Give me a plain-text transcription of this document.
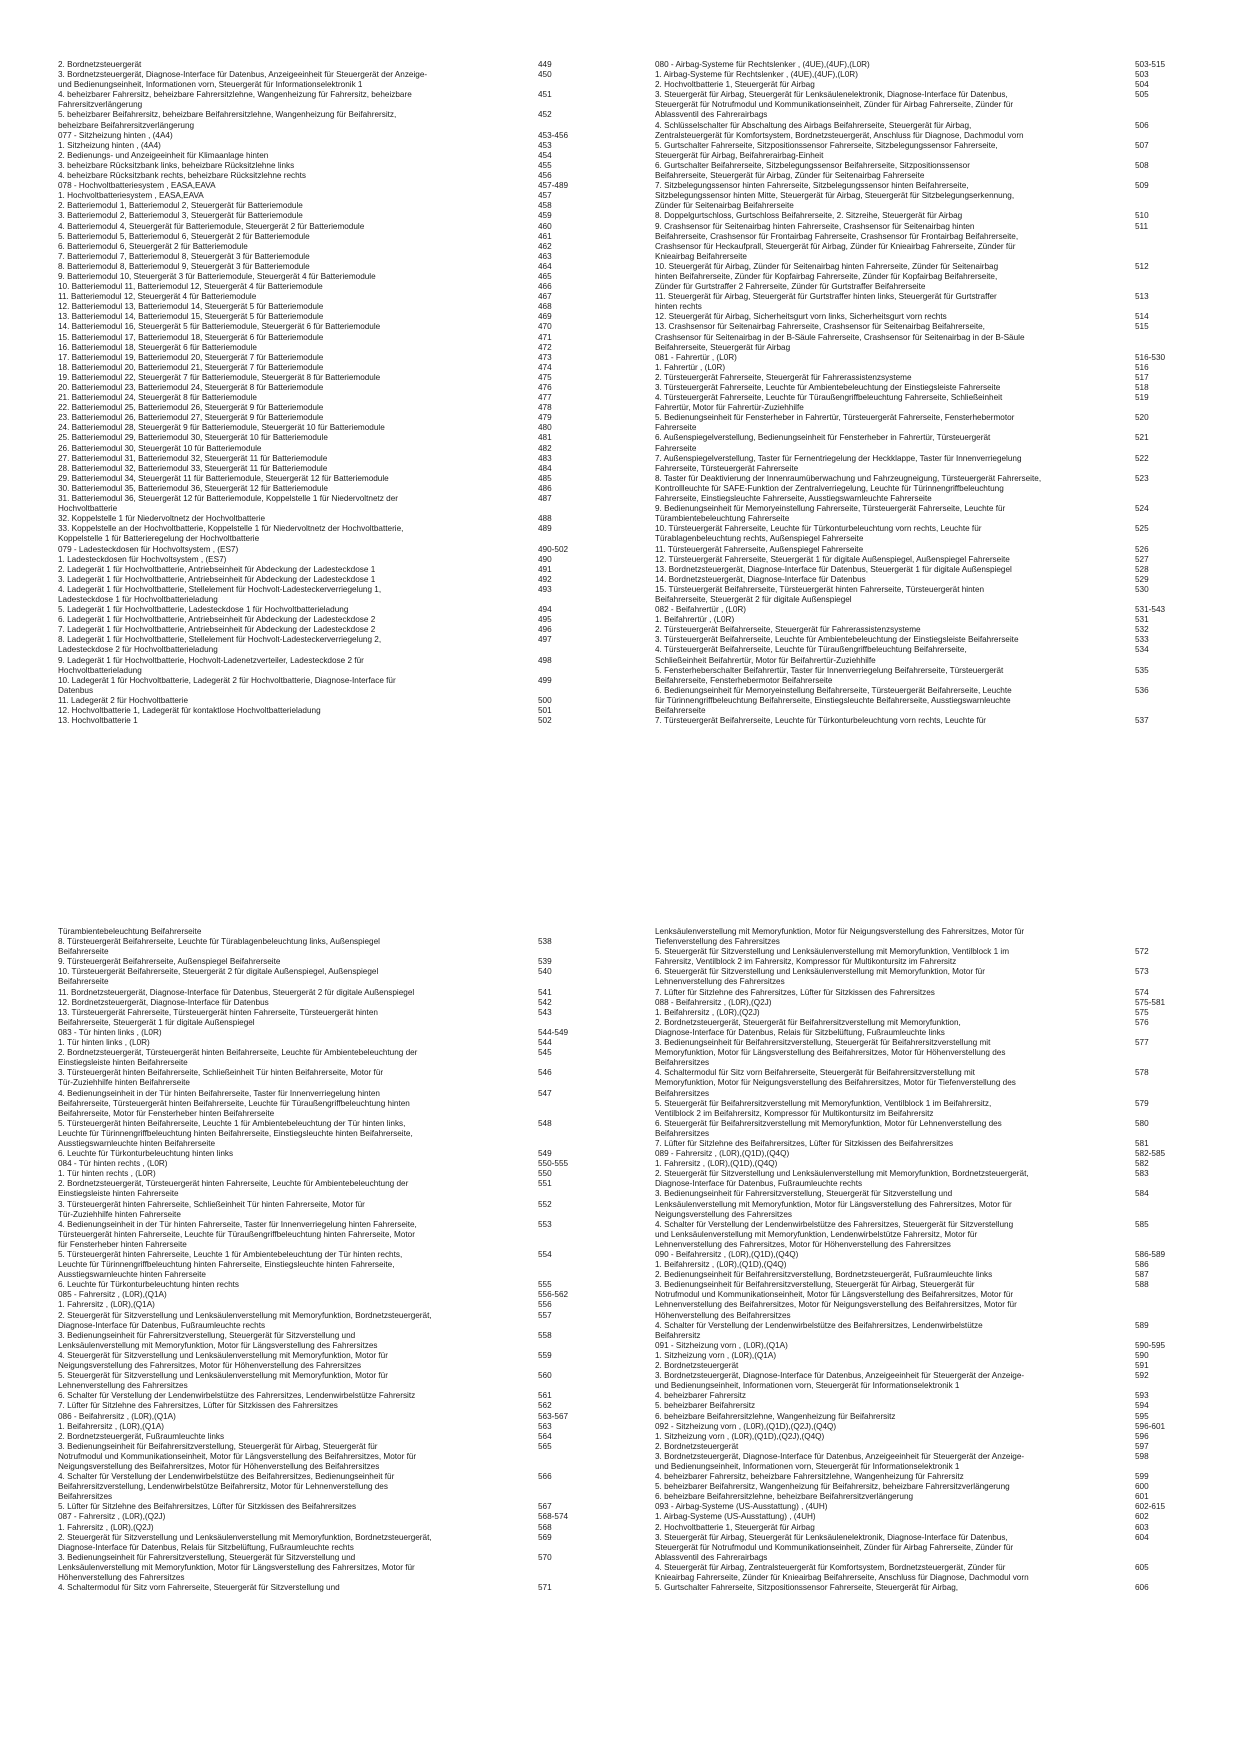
2. Bordnetzsteuergerät	449
3. Bordnetzsteuergerät, Diagnose-Interface für Datenbus, Anzeigeeinheit für Steuergerät der Anzeige-	450
und Bedienungseinheit, Informationen vorn, Steuergerät für Informationselektronik 1
4. beheizbarer Fahrersitz, beheizbare Fahrersitzlehne, Wangenheizung für Fahrersitz, beheizbare	451
Fahrersitzverlängerung
5. beheizbarer Beifahrersitz, beheizbare Beifahrersitzlehne, Wangenheizung für Beifahrersitz,	452
beheizbare Beifahrersitzverlängerung
077 - Sitzheizung hinten , (4A4)	453-456
1. Sitzheizung hinten , (4A4)	453
2. Bedienungs- und Anzeigeeinheit für Klimaanlage hinten	454
3. beheizbare Rücksitzbank links, beheizbare Rücksitzlehne links	455
4. beheizbare Rücksitzbank rechts, beheizbare Rücksitzlehne rechts	456
078 - Hochvoltbatteriesystem , EASA,EAVA	457-489
1. Hochvoltbatteriesystem , EASA,EAVA	457
2. Batteriemodul 1, Batteriemodul 2, Steuergerät für Batteriemodule	458
3. Batteriemodul 2, Batteriemodul 3, Steuergerät für Batteriemodule	459
4. Batteriemodul 4, Steuergerät für Batteriemodule, Steuergerät 2 für Batteriemodule	460
5. Batteriemodul 5, Batteriemodul 6, Steuergerät 2 für Batteriemodule	461
6. Batteriemodul 6, Steuergerät 2 für Batteriemodule	462
7. Batteriemodul 7, Batteriemodul 8, Steuergerät 3 für Batteriemodule	463
8. Batteriemodul 8, Batteriemodul 9, Steuergerät 3 für Batteriemodule	464
9. Batteriemodul 10, Steuergerät 3 für Batteriemodule, Steuergerät 4 für Batteriemodule	465
10. Batteriemodul 11, Batteriemodul 12, Steuergerät 4 für Batteriemodule	466
11. Batteriemodul 12, Steuergerät 4 für Batteriemodule	467
12. Batteriemodul 13, Batteriemodul 14, Steuergerät 5 für Batteriemodule	468
13. Batteriemodul 14, Batteriemodul 15, Steuergerät 5 für Batteriemodule	469
14. Batteriemodul 16, Steuergerät 5 für Batteriemodule, Steuergerät 6 für Batteriemodule	470
15. Batteriemodul 17, Batteriemodul 18, Steuergerät 6 für Batteriemodule	471
16. Batteriemodul 18, Steuergerät 6 für Batteriemodule	472
17. Batteriemodul 19, Batteriemodul 20, Steuergerät 7 für Batteriemodule	473
18. Batteriemodul 20, Batteriemodul 21, Steuergerät 7 für Batteriemodule	474
19. Batteriemodul 22, Steuergerät 7 für Batteriemodule, Steuergerät 8 für Batteriemodule	475
20. Batteriemodul 23, Batteriemodul 24, Steuergerät 8 für Batteriemodule	476
21. Batteriemodul 24, Steuergerät 8 für Batteriemodule	477
22. Batteriemodul 25, Batteriemodul 26, Steuergerät 9 für Batteriemodule	478
23. Batteriemodul 26, Batteriemodul 27, Steuergerät 9 für Batteriemodule	479
24. Batteriemodul 28, Steuergerät 9 für Batteriemodule, Steuergerät 10 für Batteriemodule	480
25. Batteriemodul 29, Batteriemodul 30, Steuergerät 10 für Batteriemodule	481
26. Batteriemodul 30, Steuergerät 10 für Batteriemodule	482
27. Batteriemodul 31, Batteriemodul 32, Steuergerät 11 für Batteriemodule	483
28. Batteriemodul 32, Batteriemodul 33, Steuergerät 11 für Batteriemodule	484
29. Batteriemodul 34, Steuergerät 11 für Batteriemodule, Steuergerät 12 für Batteriemodule	485
30. Batteriemodul 35, Batteriemodul 36, Steuergerät 12 für Batteriemodule	486
31. Batteriemodul 36, Steuergerät 12 für Batteriemodule, Koppelstelle 1 für Niedervoltnetz der	487
Hochvoltbatterie
32. Koppelstelle 1 für Niedervoltnetz der Hochvoltbatterie	488
33. Koppelstelle an der Hochvoltbatterie, Koppelstelle 1 für Niedervoltnetz der Hochvoltbatterie,	489
Koppelstelle 1 für Batterieregelung der Hochvoltbatterie
079 - Ladesteckdosen für Hochvoltsystem , (ES7)	490-502
1. Ladesteckdosen für Hochvoltsystem , (ES7)	490
2. Ladegerät 1 für Hochvoltbatterie, Antriebseinheit für Abdeckung der Ladesteckdose 1	491
3. Ladegerät 1 für Hochvoltbatterie, Antriebseinheit für Abdeckung der Ladesteckdose 1	492
4. Ladegerät 1 für Hochvoltbatterie, Stellelement für Hochvolt-Ladesteckerverriegelung 1,	493
Ladesteckdose 1 für Hochvoltbatterieladung
5. Ladegerät 1 für Hochvoltbatterie, Ladesteckdose 1 für Hochvoltbatterieladung	494
6. Ladegerät 1 für Hochvoltbatterie, Antriebseinheit für Abdeckung der Ladesteckdose 2	495
7. Ladegerät 1 für Hochvoltbatterie, Antriebseinheit für Abdeckung der Ladesteckdose 2	496
8. Ladegerät 1 für Hochvoltbatterie, Stellelement für Hochvolt-Ladesteckerverriegelung 2,	497
Ladesteckdose 2 für Hochvoltbatterieladung
9. Ladegerät 1 für Hochvoltbatterie, Hochvolt-Ladenetzverteiler, Ladesteckdose 2 für	498
Hochvoltbatterieladung
10. Ladegerät 1 für Hochvoltbatterie, Ladegerät 2 für Hochvoltbatterie, Diagnose-Interface für	499
Datenbus
11. Ladegerät 2 für Hochvoltbatterie	500
12. Hochvoltbatterie 1, Ladegerät für kontaktlose Hochvoltbatterieladung	501
13. Hochvoltbatterie 1	502
080 - Airbag-Systeme für Rechtslenker , (4UE),(4UF),(L0R)	503-515
1. Airbag-Systeme für Rechtslenker , (4UE),(4UF),(L0R)	503
2. Hochvoltbatterie 1, Steuergerät für Airbag	504
3. Steuergerät für Airbag, Steuergerät für Lenksäulenelektronik, Diagnose-Interface für Datenbus,	505
Steuergerät für Notrufmodul und Kommunikationseinheit, Zünder für Airbag Fahrerseite, Zünder für
Ablassventil des Fahrerairbags
4. Schlüsselschalter für Abschaltung des Airbags Beifahrerseite, Steuergerät für Airbag,	506
Zentralsteuergerät für Komfortsystem, Bordnetzsteuergerät, Anschluss für Diagnose, Dachmodul vorn
5. Gurtschalter Fahrerseite, Sitzpositionssensor Fahrerseite, Sitzbelegungssensor Fahrerseite,	507
Steuergerät für Airbag, Beifahrerairbag-Einheit
6. Gurtschalter Beifahrerseite, Sitzbelegungssensor Beifahrerseite, Sitzpositionssensor	508
Beifahrerseite, Steuergerät für Airbag, Zünder für Seitenairbag Fahrerseite
7. Sitzbelegungssensor hinten Fahrerseite, Sitzbelegungssensor hinten Beifahrerseite,	509
Sitzbelegungssensor hinten Mitte, Steuergerät für Airbag, Steuergerät für Sitzbelegungserkennung,
Zünder für Seitenairbag Beifahrerseite
8. Doppelgurtschloss, Gurtschloss Beifahrerseite, 2. Sitzreihe, Steuergerät für Airbag	510
9. Crashsensor für Seitenairbag hinten Fahrerseite, Crashsensor für Seitenairbag hinten	511
Beifahrerseite, Crashsensor für Frontairbag Fahrerseite, Crashsensor für Frontairbag Beifahrerseite,
Crashsensor für Heckaufprall, Steuergerät für Airbag, Zünder für Knieairbag Fahrerseite, Zünder für
Knieairbag Beifahrerseite
10. Steuergerät für Airbag, Zünder für Seitenairbag hinten Fahrerseite, Zünder für Seitenairbag	512
hinten Beifahrerseite, Zünder für Kopfairbag Fahrerseite, Zünder für Kopfairbag Beifahrerseite,
Zünder für Gurtstraffer 2 Fahrerseite, Zünder für Gurtstraffer Beifahrerseite
11. Steuergerät für Airbag, Steuergerät für Gurtstraffer hinten links, Steuergerät für Gurtstraffer	513
hinten rechts
12. Steuergerät für Airbag, Sicherheitsgurt vorn links, Sicherheitsgurt vorn rechts	514
13. Crashsensor für Seitenairbag Fahrerseite, Crashsensor für Seitenairbag Beifahrerseite,	515
Crashsensor für Seitenairbag in der B-Säule Fahrerseite, Crashsensor für Seitenairbag in der B-Säule
Beifahrerseite, Steuergerät für Airbag
081 - Fahrertür , (L0R)	516-530
1. Fahrertür , (L0R)	516
2. Türsteuergerät Fahrerseite, Steuergerät für Fahrerassistenzsysteme	517
3. Türsteuergerät Fahrerseite, Leuchte für Ambientebeleuchtung der Einstiegsleiste Fahrerseite	518
4. Türsteuergerät Fahrerseite, Leuchte für Türaußengriffbeleuchtung Fahrerseite, Schließeinheit	519
Fahrertür, Motor für Fahrertür-Zuziehhilfe
5. Bedienungseinheit für Fensterheber in Fahrertür, Türsteuergerät Fahrerseite, Fensterhebermotor	520
Fahrerseite
6. Außenspiegelverstellung, Bedienungseinheit für Fensterheber in Fahrertür, Türsteuergerät	521
Fahrerseite
7. Außenspiegelverstellung, Taster für Fernentriegelung der Heckklappe, Taster für Innenverriegelung	522
Fahrerseite, Türsteuergerät Fahrerseite
8. Taster für Deaktivierung der Innenraumüberwachung und Fahrzeugneigung, Türsteuergerät Fahrerseite,	523
Kontrollleuchte für SAFE-Funktion der Zentralverriegelung, Leuchte für Türinnengriffbeleuchtung
Fahrerseite, Einstiegsleuchte Fahrerseite, Ausstiegswarnleuchte Fahrerseite
9. Bedienungseinheit für Memoryeinstellung Fahrerseite, Türsteuergerät Fahrerseite, Leuchte für	524
Türambientebeleuchtung Fahrerseite
10. Türsteuergerät Fahrerseite, Leuchte für Türkonturbeleuchtung vorn rechts, Leuchte für	525
Türablagenbeleuchtung rechts, Außenspiegel Fahrerseite
11. Türsteuergerät Fahrerseite, Außenspiegel Fahrerseite	526
12. Türsteuergerät Fahrerseite, Steuergerät 1 für digitale Außenspiegel, Außenspiegel Fahrerseite	527
13. Bordnetzsteuergerät, Diagnose-Interface für Datenbus, Steuergerät 1 für digitale Außenspiegel	528
14. Bordnetzsteuergerät, Diagnose-Interface für Datenbus	529
15. Türsteuergerät Beifahrerseite, Türsteuergerät hinten Fahrerseite, Türsteuergerät hinten	530
Beifahrerseite, Steuergerät 2 für digitale Außenspiegel
082 - Beifahrertür , (L0R)	531-543
1. Beifahrertür , (L0R)	531
2. Türsteuergerät Beifahrerseite, Steuergerät für Fahrerassistenzsysteme	532
3. Türsteuergerät Beifahrerseite, Leuchte für Ambientebeleuchtung der Einstiegsleiste Beifahrerseite	533
4. Türsteuergerät Beifahrerseite, Leuchte für Türaußengriffbeleuchtung Beifahrerseite,	534
Schließeinheit Beifahrertür, Motor für Beifahrertür-Zuziehhilfe
5. Fensterheberschalter Beifahrertür, Taster für Innenverriegelung Beifahrerseite, Türsteuergerät	535
Beifahrerseite, Fensterhebermotor Beifahrerseite
6. Bedienungseinheit für Memoryeinstellung Beifahrerseite, Türsteuergerät Beifahrerseite, Leuchte	536
für Türinnengriffbeleuchtung Beifahrerseite, Einstiegsleuchte Beifahrerseite, Ausstiegswarnleuchte
Beifahrerseite
7. Türsteuergerät Beifahrerseite, Leuchte für Türkonturbeleuchtung vorn rechts, Leuchte für	537
Türambientebeleuchtung Beifahrerseite
8. Türsteuergerät Beifahrerseite, Leuchte für Türablagenbeleuchtung links, Außenspiegel	538
Beifahrerseite
9. Türsteuergerät Beifahrerseite, Außenspiegel Beifahrerseite	539
10. Türsteuergerät Beifahrerseite, Steuergerät 2 für digitale Außenspiegel, Außenspiegel	540
Beifahrerseite
11. Bordnetzsteuergerät, Diagnose-Interface für Datenbus, Steuergerät 2 für digitale Außenspiegel	541
12. Bordnetzsteuergerät, Diagnose-Interface für Datenbus	542
13. Türsteuergerät Fahrerseite, Türsteuergerät hinten Fahrerseite, Türsteuergerät hinten	543
Beifahrerseite, Steuergerät 1 für digitale Außenspiegel
083 - Tür hinten links , (L0R)	544-549
1. Tür hinten links , (L0R)	544
2. Bordnetzsteuergerät, Türsteuergerät hinten Beifahrerseite, Leuchte für Ambientebeleuchtung der	545
Einstiegsleiste hinten Beifahrerseite
3. Türsteuergerät hinten Beifahrerseite, Schließeinheit Tür hinten Beifahrerseite, Motor für	546
Tür-Zuziehhilfe hinten Beifahrerseite
4. Bedienungseinheit in der Tür hinten Beifahrerseite, Taster für Innenverriegelung hinten	547
Beifahrerseite, Türsteuergerät hinten Beifahrerseite, Leuchte für Türaußengriffbeleuchtung hinten
Beifahrerseite, Motor für Fensterheber hinten Beifahrerseite
5. Türsteuergerät hinten Beifahrerseite, Leuchte 1 für Ambientebeleuchtung der Tür hinten links,	548
Leuchte für Türinnengriffbeleuchtung hinten Beifahrerseite, Einstiegsleuchte hinten Beifahrerseite,
Ausstiegswarnleuchte hinten Beifahrerseite
6. Leuchte für Türkonturbeleuchtung hinten links	549
084 - Tür hinten rechts , (L0R)	550-555
1. Tür hinten rechts , (L0R)	550
2. Bordnetzsteuergerät, Türsteuergerät hinten Fahrerseite, Leuchte für Ambientebeleuchtung der	551
Einstiegsleiste hinten Fahrerseite
3. Türsteuergerät hinten Fahrerseite, Schließeinheit Tür hinten Fahrerseite, Motor für	552
Tür-Zuziehhilfe hinten Fahrerseite
4. Bedienungseinheit in der Tür hinten Fahrerseite, Taster für Innenverriegelung hinten Fahrerseite,	553
Türsteuergerät hinten Fahrerseite, Leuchte für Türaußengriffbeleuchtung hinten Fahrerseite, Motor
für Fensterheber hinten Fahrerseite
5. Türsteuergerät hinten Fahrerseite, Leuchte 1 für Ambientebeleuchtung der Tür hinten rechts,	554
Leuchte für Türinnengriffbeleuchtung hinten Fahrerseite, Einstiegsleuchte hinten Fahrerseite,
Ausstiegswarnleuchte hinten Fahrerseite
6. Leuchte für Türkonturbeleuchtung hinten rechts	555
085 - Fahrersitz , (L0R),(Q1A)	556-562
1. Fahrersitz , (L0R),(Q1A)	556
2. Steuergerät für Sitzverstellung und Lenksäulenverstellung mit Memoryfunktion, Bordnetzsteuergerät,	557
Diagnose-Interface für Datenbus, Fußraumleuchte rechts
3. Bedienungseinheit für Fahrersitzverstellung, Steuergerät für Sitzverstellung und	558
Lenksäulenverstellung mit Memoryfunktion, Motor für Längsverstellung des Fahrersitzes
4. Steuergerät für Sitzverstellung und Lenksäulenverstellung mit Memoryfunktion, Motor für	559
Neigungsverstellung des Fahrersitzes, Motor für Höhenverstellung des Fahrersitzes
5. Steuergerät für Sitzverstellung und Lenksäulenverstellung mit Memoryfunktion, Motor für	560
Lehnenverstellung des Fahrersitzes
6. Schalter für Verstellung der Lendenwirbelstütze des Fahrersitzes, Lendenwirbelstütze Fahrersitz	561
7. Lüfter für Sitzlehne des Fahrersitzes, Lüfter für Sitzkissen des Fahrersitzes	562
086 - Beifahrersitz , (L0R),(Q1A)	563-567
1. Beifahrersitz , (L0R),(Q1A)	563
2. Bordnetzsteuergerät, Fußraumleuchte links	564
3. Bedienungseinheit für Beifahrersitzverstellung, Steuergerät für Airbag, Steuergerät für	565
Notrufmodul und Kommunikationseinheit, Motor für Längsverstellung des Beifahrersitzes, Motor für
Neigungsverstellung des Beifahrersitzes, Motor für Höhenverstellung des Beifahrersitzes
4. Schalter für Verstellung der Lendenwirbelstütze des Beifahrersitzes, Bedienungseinheit für	566
Beifahrersitzverstellung, Lendenwirbelstütze Beifahrersitz, Motor für Lehnenverstellung des
Beifahrersitzes
5. Lüfter für Sitzlehne des Beifahrersitzes, Lüfter für Sitzkissen des Beifahrersitzes	567
087 - Fahrersitz , (L0R),(Q2J)	568-574
1. Fahrersitz , (L0R),(Q2J)	568
2. Steuergerät für Sitzverstellung und Lenksäulenverstellung mit Memoryfunktion, Bordnetzsteuergerät,	569
Diagnose-Interface für Datenbus, Relais für Sitzbelüftung, Fußraumleuchte rechts
3. Bedienungseinheit für Fahrersitzverstellung, Steuergerät für Sitzverstellung und	570
Lenksäulenverstellung mit Memoryfunktion, Motor für Längsverstellung des Fahrersitzes, Motor für
Höhenverstellung des Fahrersitzes
4. Schaltermodul für Sitz vorn Fahrerseite, Steuergerät für Sitzverstellung und	571
Lenksäulenverstellung mit Memoryfunktion, Motor für Neigungsverstellung des Fahrersitzes, Motor für
Tiefenverstellung des Fahrersitzes
5. Steuergerät für Sitzverstellung und Lenksäulenverstellung mit Memoryfunktion, Ventilblock 1 im	572
Fahrersitz, Ventilblock 2 im Fahrersitz, Kompressor für Multikontursitz im Fahrersitz
6. Steuergerät für Sitzverstellung und Lenksäulenverstellung mit Memoryfunktion, Motor für	573
Lehnenverstellung des Fahrersitzes
7. Lüfter für Sitzlehne des Fahrersitzes, Lüfter für Sitzkissen des Fahrersitzes	574
088 - Beifahrersitz , (L0R),(Q2J)	575-581
1. Beifahrersitz , (L0R),(Q2J)	575
2. Bordnetzsteuergerät, Steuergerät für Beifahrersitzverstellung mit Memoryfunktion,	576
Diagnose-Interface für Datenbus, Relais für Sitzbelüftung, Fußraumleuchte links
3. Bedienungseinheit für Beifahrersitzverstellung, Steuergerät für Beifahrersitzverstellung mit	577
Memoryfunktion, Motor für Längsverstellung des Beifahrersitzes, Motor für Höhenverstellung des
Beifahrersitzes
4. Schaltermodul für Sitz vorn Beifahrerseite, Steuergerät für Beifahrersitzverstellung mit	578
Memoryfunktion, Motor für Neigungsverstellung des Beifahrersitzes, Motor für Tiefenverstellung des
Beifahrersitzes
5. Steuergerät für Beifahrersitzverstellung mit Memoryfunktion, Ventilblock 1 im Beifahrersitz,	579
Ventilblock 2 im Beifahrersitz, Kompressor für Multikontursitz im Beifahrersitz
6. Steuergerät für Beifahrersitzverstellung mit Memoryfunktion, Motor für Lehnenverstellung des	580
Beifahrersitzes
7. Lüfter für Sitzlehne des Beifahrersitzes, Lüfter für Sitzkissen des Beifahrersitzes	581
089 - Fahrersitz , (L0R),(Q1D),(Q4Q)	582-585
1. Fahrersitz , (L0R),(Q1D),(Q4Q)	582
2. Steuergerät für Sitzverstellung und Lenksäulenverstellung mit Memoryfunktion, Bordnetzsteuergerät,	583
Diagnose-Interface für Datenbus, Fußraumleuchte rechts
3. Bedienungseinheit für Fahrersitzverstellung, Steuergerät für Sitzverstellung und	584
Lenksäulenverstellung mit Memoryfunktion, Motor für Längsverstellung des Fahrersitzes, Motor für
Neigungsverstellung des Fahrersitzes
4. Schalter für Verstellung der Lendenwirbelstütze des Fahrersitzes, Steuergerät für Sitzverstellung	585
und Lenksäulenverstellung mit Memoryfunktion, Lendenwirbelstütze Fahrersitz, Motor für
Lehnenverstellung des Fahrersitzes, Motor für Höhenverstellung des Fahrersitzes
090 - Beifahrersitz , (L0R),(Q1D),(Q4Q)	586-589
1. Beifahrersitz , (L0R),(Q1D),(Q4Q)	586
2. Bedienungseinheit für Beifahrersitzverstellung, Bordnetzsteuergerät, Fußraumleuchte links	587
3. Bedienungseinheit für Beifahrersitzverstellung, Steuergerät für Airbag, Steuergerät für	588
Notrufmodul und Kommunikationseinheit, Motor für Längsverstellung des Beifahrersitzes, Motor für
Lehnenverstellung des Beifahrersitzes, Motor für Neigungsverstellung des Beifahrersitzes, Motor für
Höhenverstellung des Beifahrersitzes
4. Schalter für Verstellung der Lendenwirbelstütze des Beifahrersitzes, Lendenwirbelstütze	589
Beifahrersitz
091 - Sitzheizung vorn , (L0R),(Q1A)	590-595
1. Sitzheizung vorn , (L0R),(Q1A)	590
2. Bordnetzsteuergerät	591
3. Bordnetzsteuergerät, Diagnose-Interface für Datenbus, Anzeigeeinheit für Steuergerät der Anzeige-	592
und Bedienungseinheit, Informationen vorn, Steuergerät für Informationselektronik 1
4. beheizbarer Fahrersitz	593
5. beheizbarer Beifahrersitz	594
6. beheizbare Beifahrersitzlehne, Wangenheizung für Beifahrersitz	595
092 - Sitzheizung vorn , (L0R),(Q1D),(Q2J),(Q4Q)	596-601
1. Sitzheizung vorn , (L0R),(Q1D),(Q2J),(Q4Q)	596
2. Bordnetzsteuergerät	597
3. Bordnetzsteuergerät, Diagnose-Interface für Datenbus, Anzeigeeinheit für Steuergerät der Anzeige-	598
und Bedienungseinheit, Informationen vorn, Steuergerät für Informationselektronik 1
4. beheizbarer Fahrersitz, beheizbare Fahrersitzlehne, Wangenheizung für Fahrersitz	599
5. beheizbarer Beifahrersitz, Wangenheizung für Beifahrersitz, beheizbare Fahrersitzverlängerung	600
6. beheizbare Beifahrersitzlehne, beheizbare Beifahrersitzverlängerung	601
093 - Airbag-Systeme (US-Ausstattung) , (4UH)	602-615
1. Airbag-Systeme (US-Ausstattung) , (4UH)	602
2. Hochvoltbatterie 1, Steuergerät für Airbag	603
3. Steuergerät für Airbag, Steuergerät für Lenksäulenelektronik, Diagnose-Interface für Datenbus,	604
Steuergerät für Notrufmodul und Kommunikationseinheit, Zünder für Airbag Fahrerseite, Zünder für
Ablassventil des Fahrerairbags
4. Steuergerät für Airbag, Zentralsteuergerät für Komfortsystem, Bordnetzsteuergerät, Zünder für	605
Knieairbag Fahrerseite, Zünder für Knieairbag Beifahrerseite, Anschluss für Diagnose, Dachmodul vorn
5. Gurtschalter Fahrerseite, Sitzpositionssensor Fahrerseite, Steuergerät für Airbag,	606
